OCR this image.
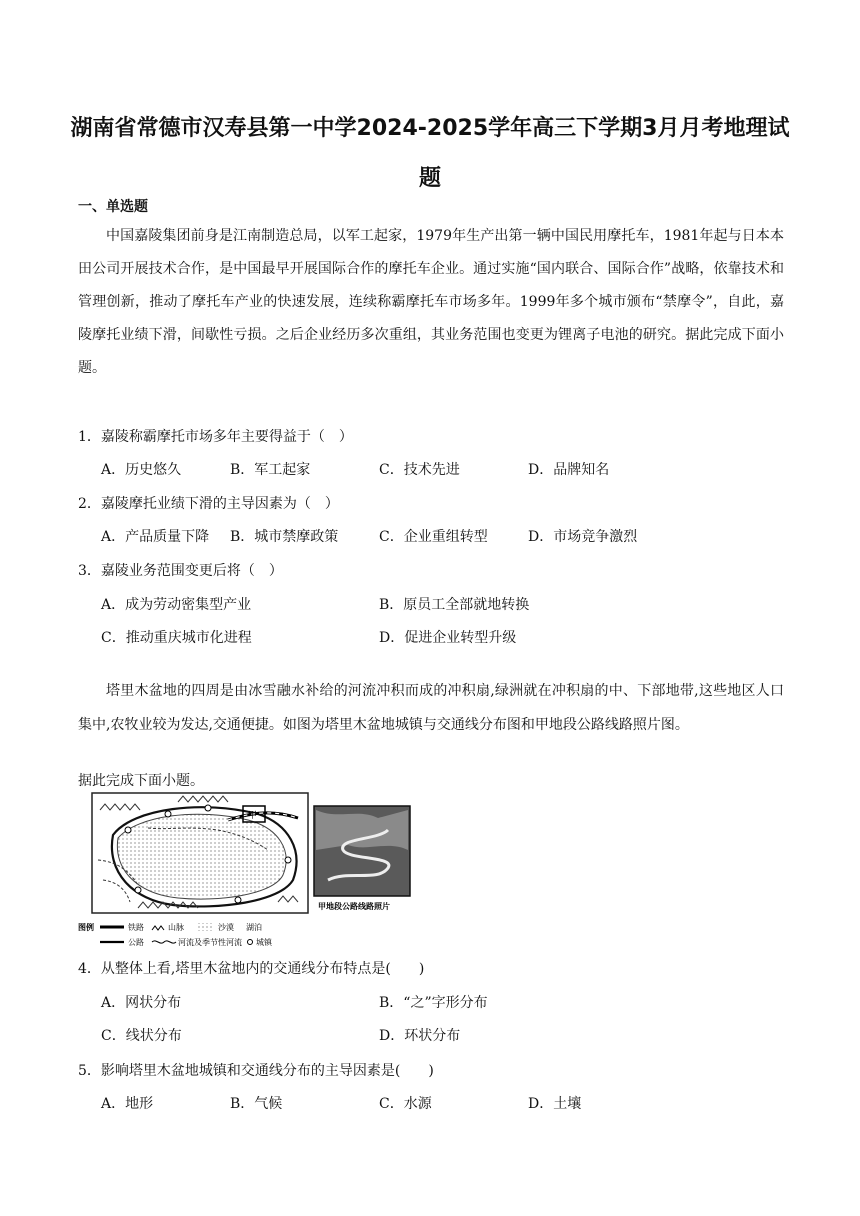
湖南省常德市汉寿县第一中学2024-2025学年高三下学期3月月考地理试题
一、单选题
中国嘉陵集团前身是江南制造总局，以军工起家，1979年生产出第一辆中国民用摩托车，1981年起与日本本田公司开展技术合作，是中国最早开展国际合作的摩托车企业。通过实施“国内联合、国际合作”战略，依靠技术和管理创新，推动了摩托车产业的快速发展，连续称霸摩托车市场多年。1999年多个城市颁布“禁摩令”，自此，嘉陵摩托业绩下滑，间歇性亏损。之后企业经历多次重组，其业务范围也变更为锂离子电池的研究。据此完成下面小题。
1．嘉陵称霸摩托市场多年主要得益于（　）
A．历史悠久	B．军工起家	C．技术先进	D．品牌知名
2．嘉陵摩托业绩下滑的主导因素为（　）
A．产品质量下降 B．城市禁摩政策	C．企业重组转型	D．市场竞争激烈
3．嘉陵业务范围变更后将（　）
A．成为劳动密集型产业	B．原员工全部就地转换
C．推动重庆城市化进程	D．促进企业转型升级
塔里木盆地的四周是由冰雪融水补给的河流冲积而成的冲积扇,绿洲就在冲积扇的中、下部地带,这些地区人口集中,农牧业较为发达,交通便捷。如图为塔里木盆地城镇与交通线分布图和甲地段公路线路照片图。
据此完成下面小题。
甲
甲地段公路线路照片
图例	铁路	山脉	沙漠 湖泊
公路	河流及季节性河流 城镇
4．从整体上看,塔里木盆地内的交通线分布特点是(　　)
A．网状分布	B．“之”字形分布
C．线状分布	D．环状分布
5．影响塔里木盆地城镇和交通线分布的主导因素是(　　)
A．地形	B．气候	C．水源	D．土壤
